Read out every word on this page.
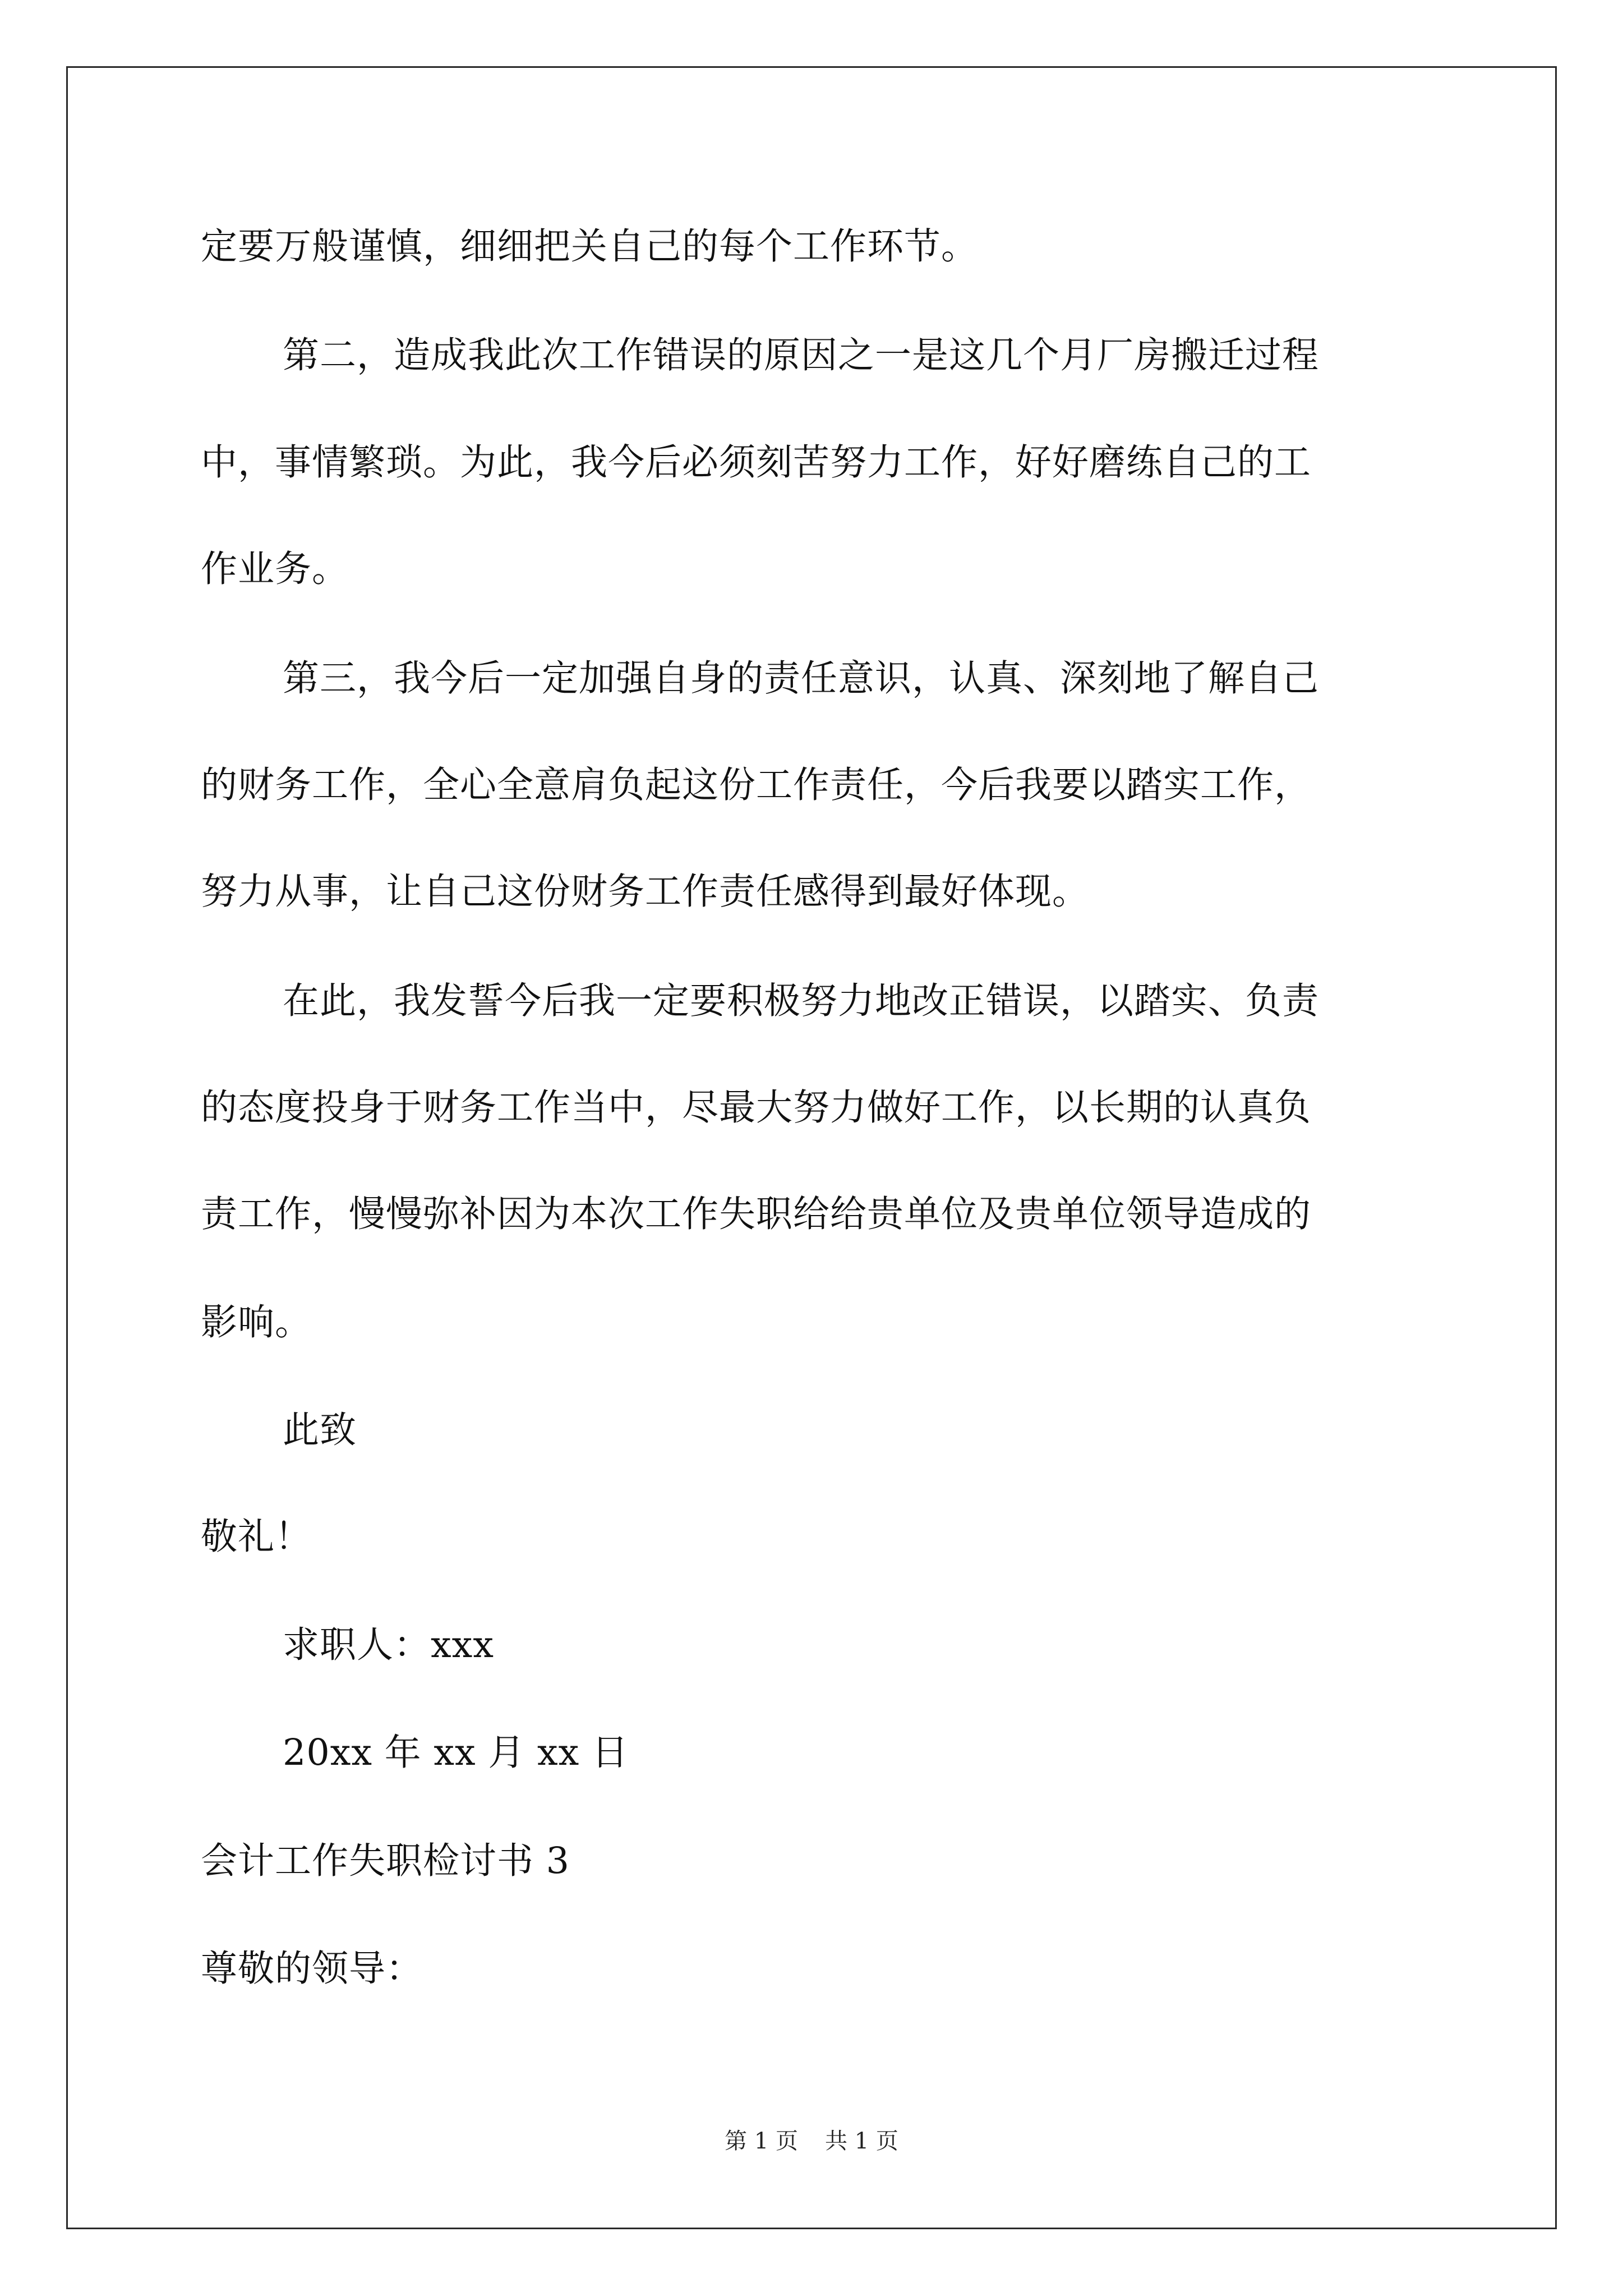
定要万般谨慎，细细把关自己的每个工作环节。
第二，造成我此次工作错误的原因之一是这几个月厂房搬迁过程
中，事情繁琐。为此，我今后必须刻苦努力工作，好好磨练自己的工
作业务。
第三，我今后一定加强自身的责任意识，认真、深刻地了解自己
的财务工作，全心全意肩负起这份工作责任，今后我要以踏实工作，
努力从事，让自己这份财务工作责任感得到最好体现。
在此，我发誓今后我一定要积极努力地改正错误，以踏实、负责
的态度投身于财务工作当中，尽最大努力做好工作，以长期的认真负
责工作，慢慢弥补因为本次工作失职给给贵单位及贵单位领导造成的
影响。
此致
敬礼！
求职人：xxx
20xx 年 xx 月 xx 日
会计工作失职检讨书 3
尊敬的领导：
第 1 页 共 1 页
